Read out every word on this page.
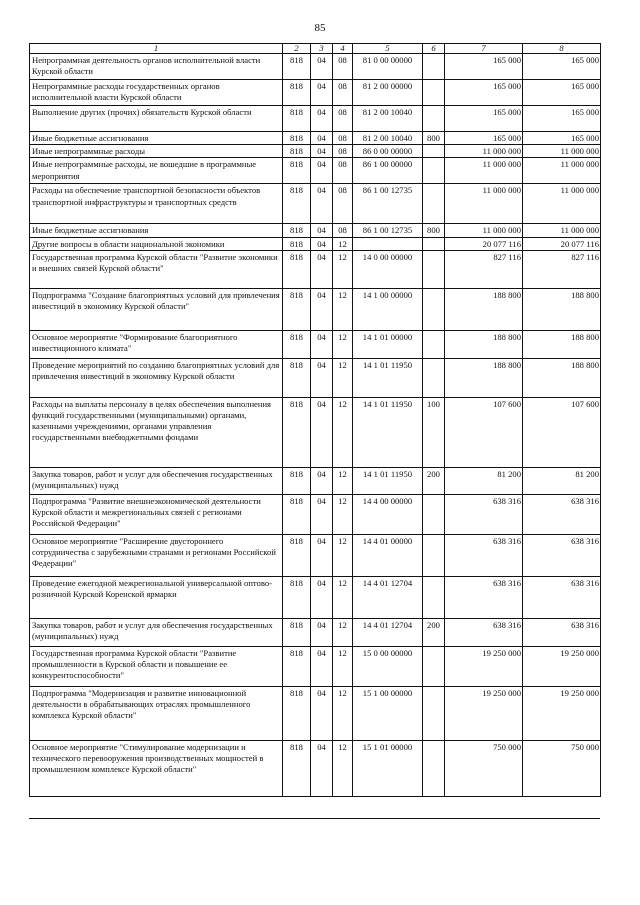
85
1	2	3	4	5	6	7	8
Непрограммная деятельность органов исполнительной власти Курской области	818	04	08	81 0 00 00000		165 000	165 000
Непрограммные расходы государственных органов исполнительной власти Курской области	818	04	08	81 2 00 00000		165 000	165 000
Выполнение других (прочих) обязательств Курской области	818	04	08	81 2 00 10040		165 000	165 000
Иные бюджетные ассигнования	818	04	08	81 2 00 10040	800	165 000	165 000
Иные непрограммные расходы	818	04	08	86 0 00 00000		11 000 000	11 000 000
Иные непрограммные расходы, не вошедшие в программные мероприятия	818	04	08	86 1 00 00000		11 000 000	11 000 000
Расходы на обеспечение транспортной безопасности объектов транспортной инфраструктуры и транспортных средств	818	04	08	86 1 00 12735		11 000 000	11 000 000
Иные бюджетные ассигнования	818	04	08	86 1 00 12735	800	11 000 000	11 000 000
Другие вопросы в области национальной экономики	818	04	12			20 077 116	20 077 116
Государственная программа Курской области "Развитие экономики и внешних связей Курской области"	818	04	12	14 0 00 00000		827 116	827 116
Подпрограмма "Создание благоприятных условий для привлечения инвестиций в экономику Курской области"	818	04	12	14 1 00 00000		188 800	188 800
Основное мероприятие "Формирование благоприятного инвестиционного климата"	818	04	12	14 1 01 00000		188 800	188 800
Проведение мероприятий по созданию благоприятных условий для привлечения инвестиций в экономику Курской области	818	04	12	14 1 01 11950		188 800	188 800
Расходы на выплаты персоналу в целях обеспечения выполнения функций государственными (муниципальными) органами, казенными учреждениями, органами управления государственными внебюджетными фондами	818	04	12	14 1 01 11950	100	107 600	107 600
Закупка товаров, работ и услуг для обеспечения государственных (муниципальных) нужд	818	04	12	14 1 01 11950	200	81 200	81 200
Подпрограмма "Развитие внешнеэкономической деятельности Курской области и межрегиональных связей с регионами Российской Федерации"	818	04	12	14 4 00 00000		638 316	638 316
Основное мероприятие "Расширение двустороннего сотрудничества с зарубежными странами и регионами Российской Федерации"	818	04	12	14 4 01 00000		638 316	638 316
Проведение ежегодной межрегиональной универсальной оптово-розничной Курской Коренской ярмарки	818	04	12	14 4 01 12704		638 316	638 316
Закупка товаров, работ и услуг для обеспечения государственных (муниципальных) нужд	818	04	12	14 4 01 12704	200	638 316	638 316
Государственная программа Курской области "Развитие промышленности в Курской области и повышение ее конкурентоспособности"	818	04	12	15 0 00 00000		19 250 000	19 250 000
Подпрограмма "Модернизация и развитие инновационной деятельности в обрабатывающих отраслях промышленного комплекса Курской области"	818	04	12	15 1 00 00000		19 250 000	19 250 000
Основное мероприятие "Стимулирование модернизации и технического перевооружения производственных мощностей в промышленном комплексе Курской области"	818	04	12	15 1 01 00000		750 000	750 000
